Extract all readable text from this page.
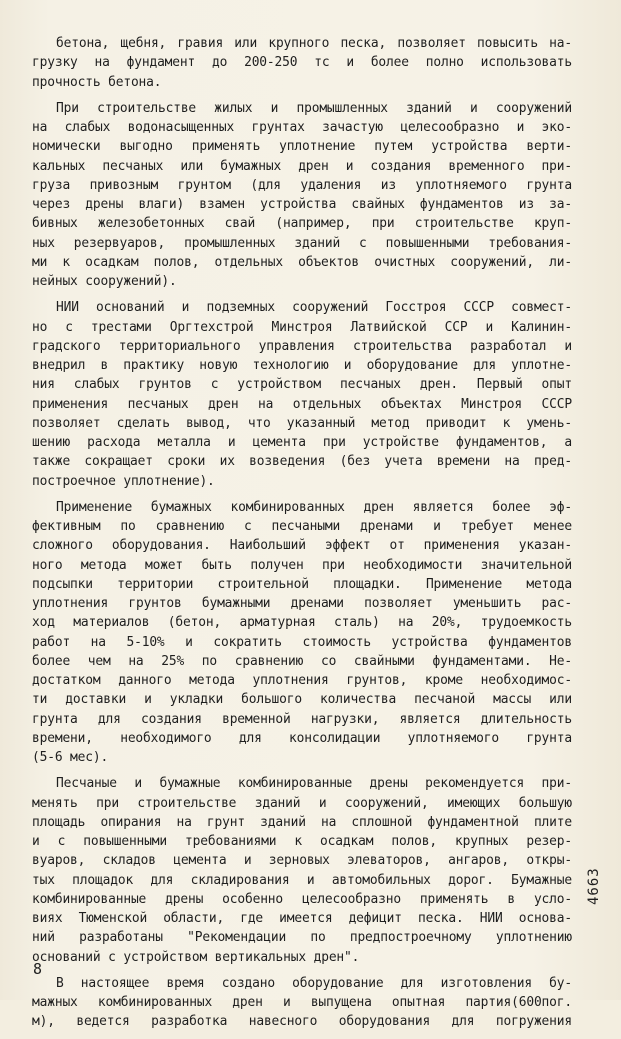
бетона, щебня, гравия или крупного песка, позволяет повысить на-
грузку на фундамент до 200-250 тс и более полно использовать
прочность бетона.
При строительстве жилых и промышленных зданий и сооружений
на слабых водонасыщенных грунтах зачастую целесообразно и эко-
номически выгодно применять уплотнение путем устройства верти-
кальных песчаных или бумажных дрен и создания временного при-
груза привозным грунтом (для удаления из уплотняемого грунта
через дрены влаги) взамен устройства свайных фундаментов из за-
бивных железобетонных свай (например, при строительстве круп-
ных резервуаров, промышленных зданий с повышенными требования-
ми к осадкам полов, отдельных объектов очистных сооружений, ли-
нейных сооружений).
НИИ оснований и подземных сооружений Госстроя СССР совмест-
но с трестами Оргтехстрой Минстроя Латвийской ССР и Калинин-
градского территориального управления строительства разработал и
внедрил в практику новую технологию и оборудование для уплотне-
ния слабых грунтов с устройством песчаных дрен. Первый опыт
применения песчаных дрен на отдельных объектах Минстроя СССР
позволяет сделать вывод, что указанный метод приводит к умень-
шению расхода металла и цемента при устройстве фундаментов, а
также сокращает сроки их возведения (без учета времени на пред-
построечное уплотнение).
Применение бумажных комбинированных дрен является более эф-
фективным по сравнению с песчаными дренами и требует менее
сложного оборудования. Наибольший эффект от применения указан-
ного метода может быть получен при необходимости значительной
подсыпки территории строительной площадки. Применение метода
уплотнения грунтов бумажными дренами позволяет уменьшить рас-
ход материалов (бетон, арматурная сталь) на 20%, трудоемкость
работ на 5-10% и сократить стоимость устройства фундаментов
более чем на 25% по сравнению со свайными фундаментами. Не-
достатком данного метода уплотнения грунтов, кроме необходимос-
ти доставки и укладки большого количества песчаной массы или
грунта для создания временной нагрузки, является длительность
времени, необходимого для консолидации уплотняемого грунта
(5-6 мес).
Песчаные и бумажные комбинированные дрены рекомендуется при-
менять при строительстве зданий и сооружений, имеющих большую
площадь опирания на грунт зданий на сплошной фундаментной плите
и с повышенными требованиями к осадкам полов, крупных резер-
вуаров, складов цемента и зерновых элеваторов, ангаров, откры-
тых площадок для складирования и автомобильных дорог. Бумажные
комбинированные дрены особенно целесообразно применять в усло-
виях Тюменской области, где имеется дефицит песка. НИИ основа-
ний разработаны "Рекомендации по предпостроечному уплотнению
оснований с устройством вертикальных дрен".
В настоящее время создано оборудование для изготовления бу-
мажных комбинированных дрен и выпущена опытная партия(600пог.
м), ведется разработка навесного оборудования для погружения
8
4663
